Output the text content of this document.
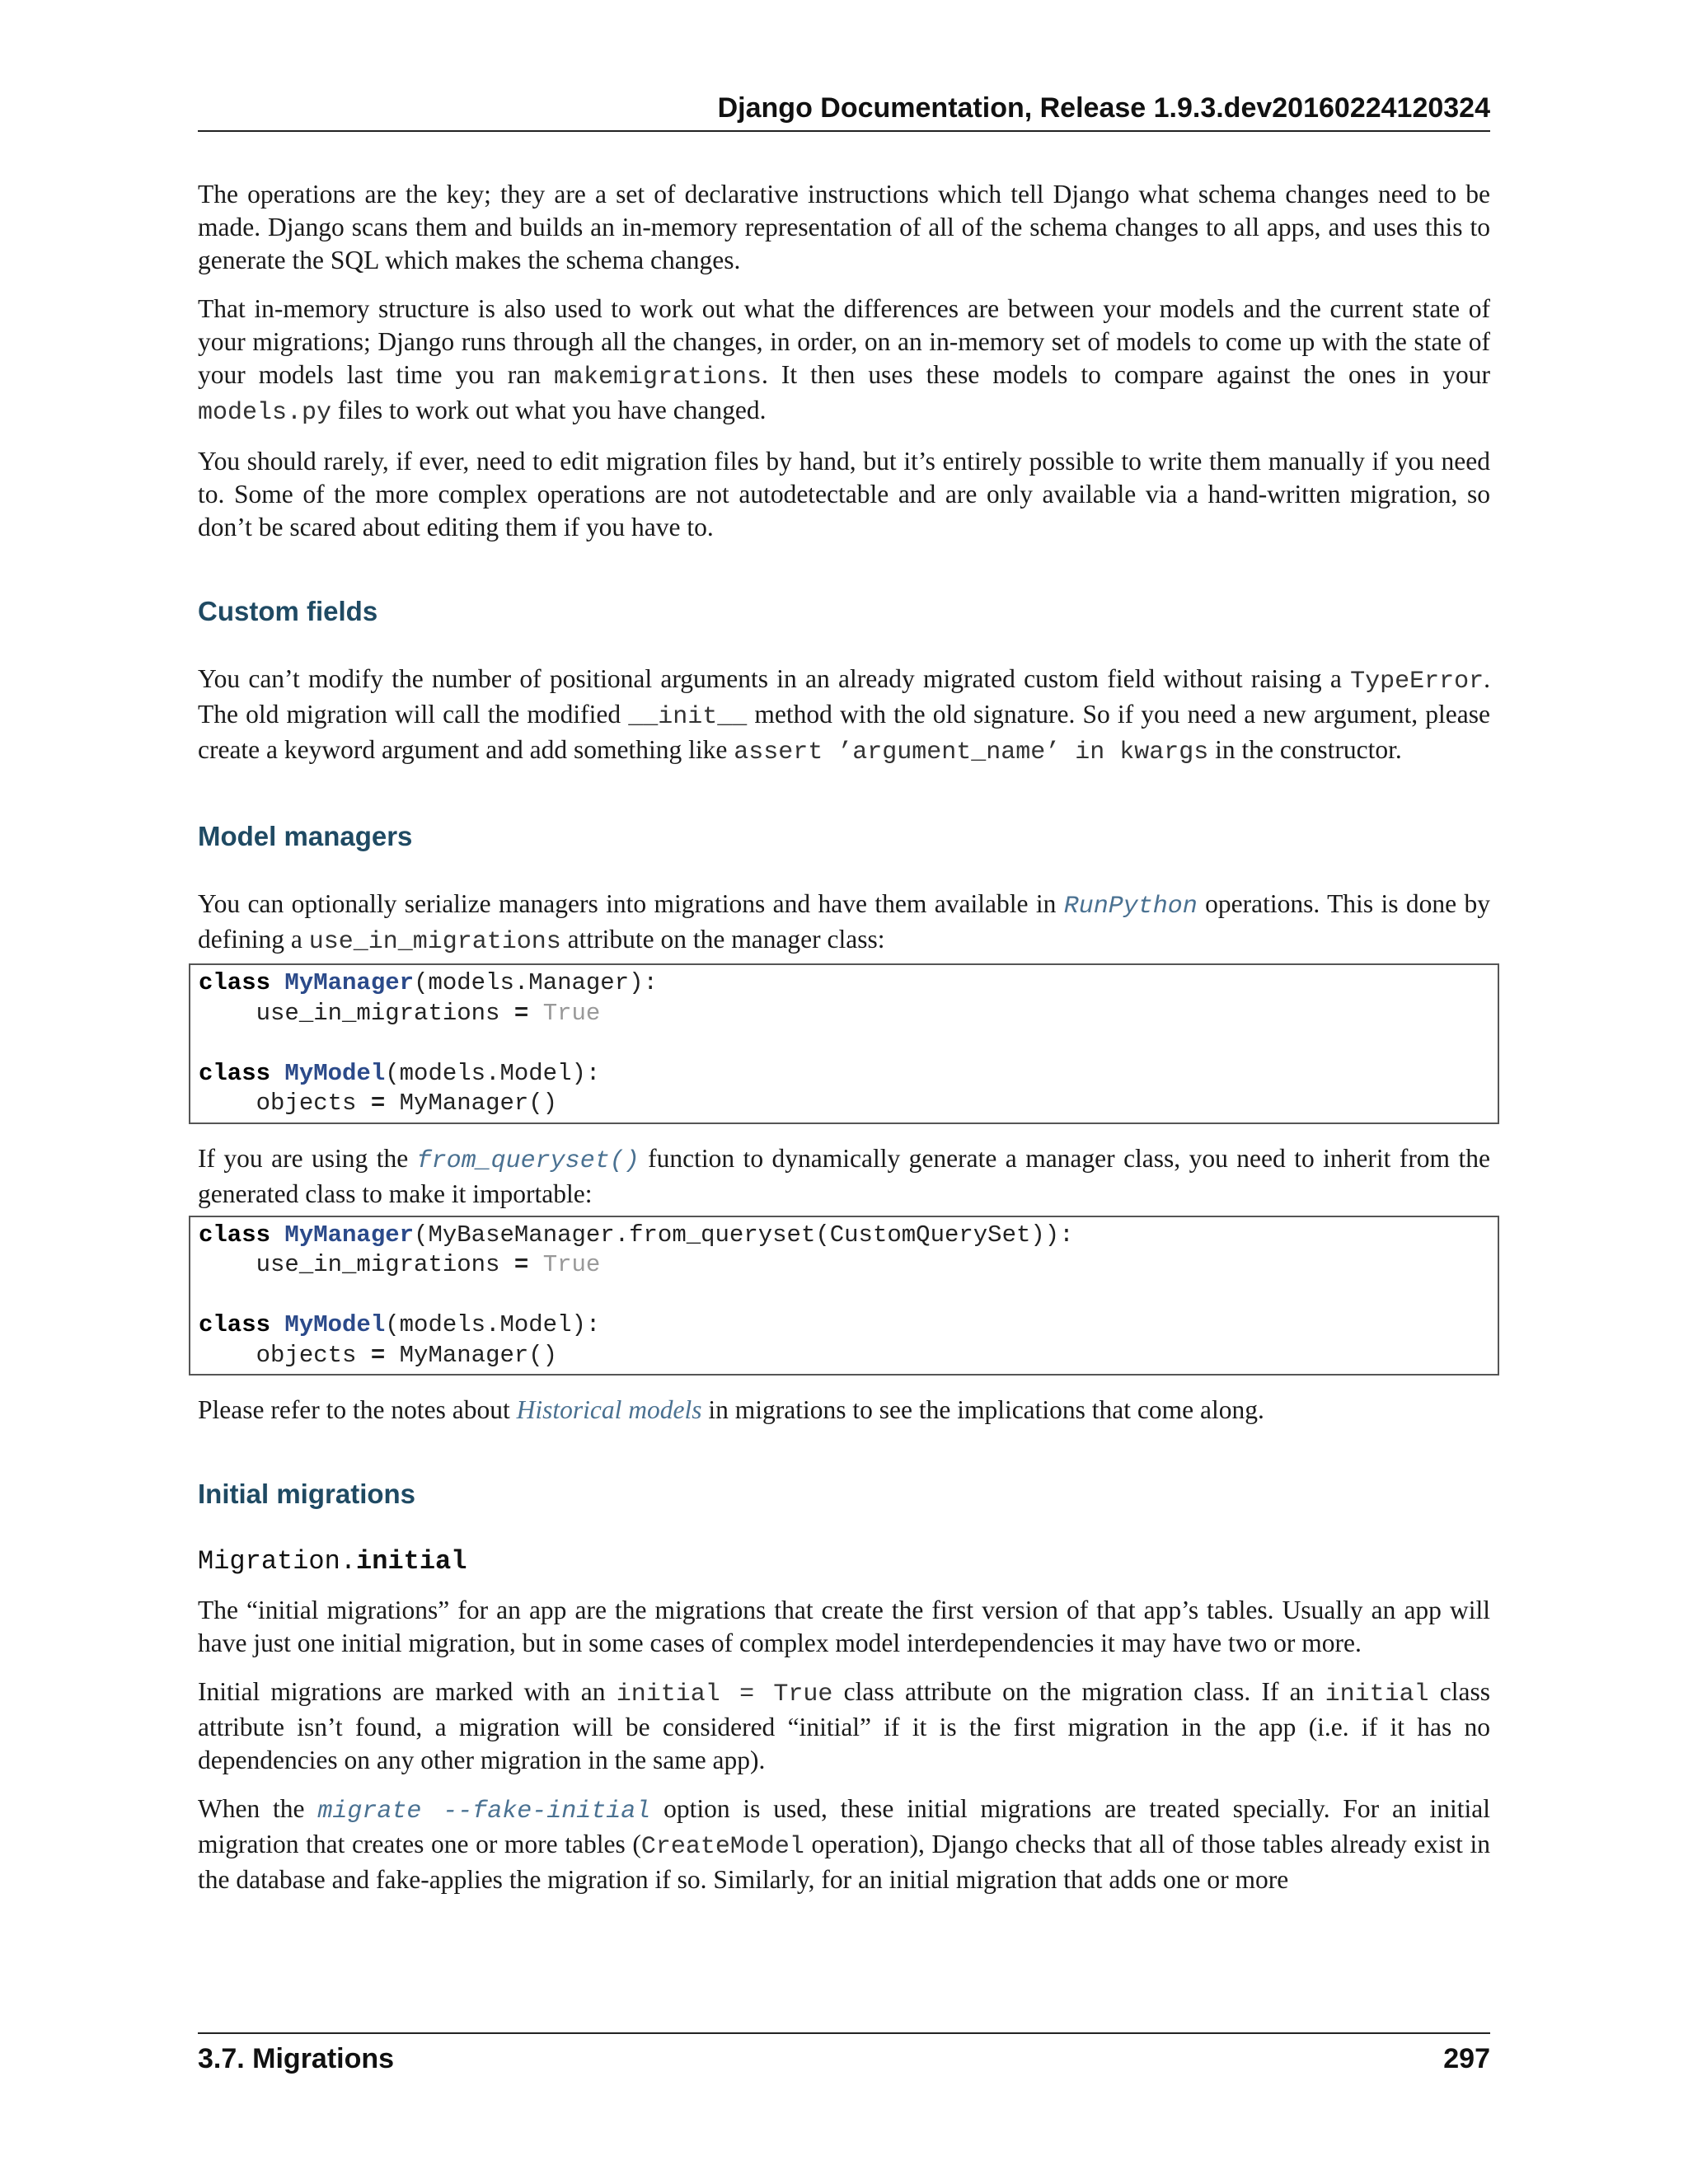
Django Documentation, Release 1.9.3.dev20160224120324

The operations are the key; they are a set of declarative instructions which tell Django what schema changes need to be made. Django scans them and builds an in-memory representation of all of the schema changes to all apps, and uses this to generate the SQL which makes the schema changes.

That in-memory structure is also used to work out what the differences are between your models and the current state of your migrations; Django runs through all the changes, in order, on an in-memory set of models to come up with the state of your models last time you ran makemigrations. It then uses these models to compare against the ones in your models.py files to work out what you have changed.

You should rarely, if ever, need to edit migration files by hand, but it’s entirely possible to write them manually if you need to. Some of the more complex operations are not autodetectable and are only available via a hand-written migration, so don’t be scared about editing them if you have to.

Custom fields

You can’t modify the number of positional arguments in an already migrated custom field without raising a TypeError. The old migration will call the modified __init__ method with the old signature. So if you need a new argument, please create a keyword argument and add something like assert ’argument_name’ in kwargs in the constructor.

Model managers

You can optionally serialize managers into migrations and have them available in RunPython operations. This is done by defining a use_in_migrations attribute on the manager class:

class MyManager(models.Manager):
use_in_migrations = True
class MyModel(models.Model):
objects = MyManager()

If you are using the from_queryset() function to dynamically generate a manager class, you need to inherit from the generated class to make it importable:

class MyManager(MyBaseManager.from_queryset(CustomQuerySet)):
use_in_migrations = True
class MyModel(models.Model):
objects = MyManager()

Please refer to the notes about Historical models in migrations to see the implications that come along.

Initial migrations
Migration.initial

The “initial migrations” for an app are the migrations that create the first version of that app’s tables. Usually an app will have just one initial migration, but in some cases of complex model interdependencies it may have two or more.

Initial migrations are marked with an initial = True class attribute on the migration class. If an initial class attribute isn’t found, a migration will be considered “initial” if it is the first migration in the app (i.e. if it has no dependencies on any other migration in the same app).

When the migrate --fake-initial option is used, these initial migrations are treated specially. For an initial migration that creates one or more tables (CreateModel operation), Django checks that all of those tables already exist in the database and fake-applies the migration if so. Similarly, for an initial migration that adds one or more

3.7. Migrations	297
